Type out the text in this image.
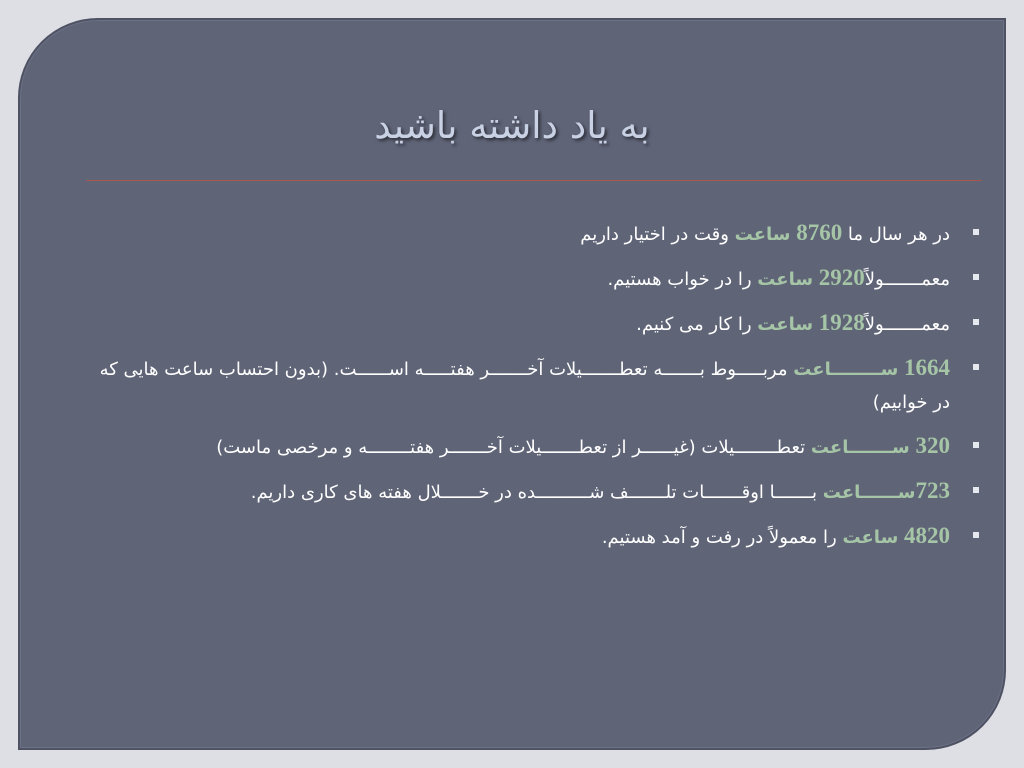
به یاد داشته باشید
در هر سال ما 8760 ساعت وقت در اختیار داریم
معمـــــــولاً2920 ساعت را در خواب هستیم.
معمـــــــولاً1928 ساعت را کار می کنیم.
1664 ســــــــاعت مربـــــوط بـــــــه تعطـــــــیلات آخـــــــر هفتـــــه اســــــت. (بدون احتساب ساعت هایی که در خوابیم)
320 ســـــــاعت تعطــــــــیلات (غیــــــر از تعطـــــــیلات آخـــــــر هفتــــــــه و مرخصی ماست)
723ســــــاعت بـــــــا اوقـــــــات تلـــــــف شــــــــــده در خـــــــلال هفته های کاری داریم.
4820 ساعت را معمولاً در رفت و آمد هستیم.
